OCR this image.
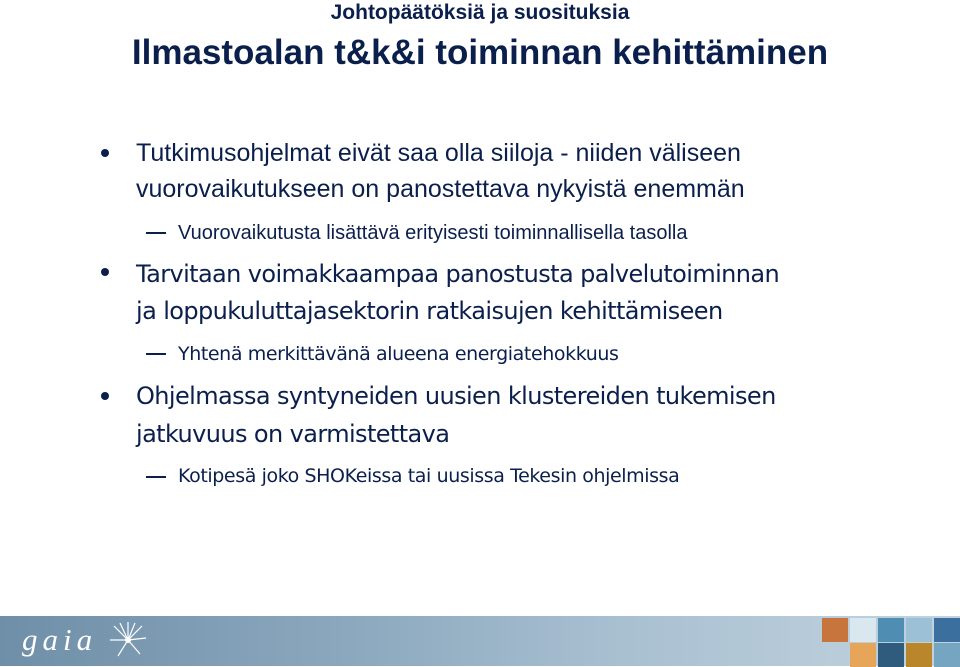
Johtopäätöksiä ja suosituksia
Ilmastoalan t&k&i toiminnan kehittäminen
Tutkimusohjelmat eivät saa olla siiloja - niiden väliseen
vuorovaikutukseen on panostettava nykyistä enemmän
Vuorovaikutusta lisättävä erityisesti toiminnallisella tasolla
Tarvitaan voimakkaampaa panostusta palvelutoiminnan
ja loppukuluttajasektorin ratkaisujen kehittämiseen
Yhtenä merkittävänä alueena energiatehokkuus
Ohjelmassa syntyneiden uusien klustereiden tukemisen
jatkuvuus on varmistettava
Kotipesä joko SHOKeissa tai uusissa Tekesin ohjelmissa
gaia
